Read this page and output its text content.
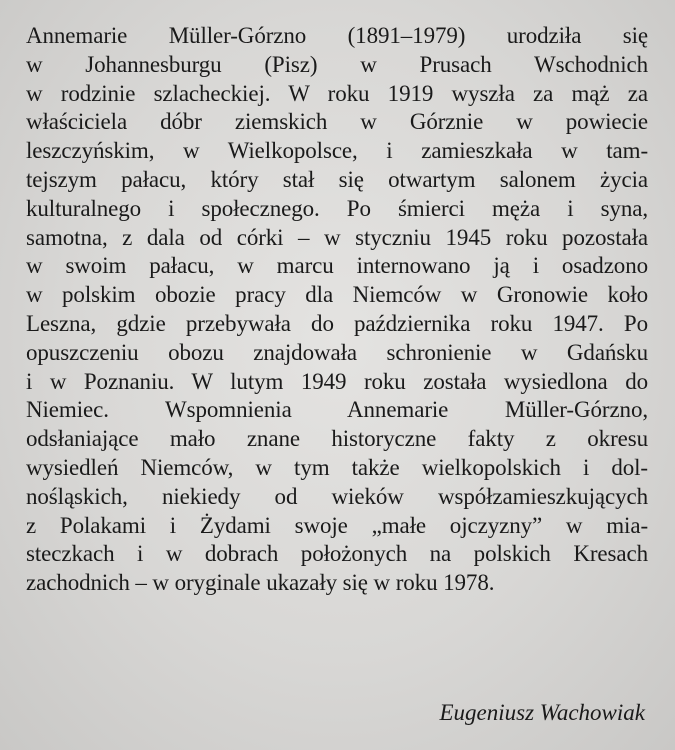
Annemarie Müller-Górzno (1891–1979) urodziła się
w Johannesburgu (Pisz) w Prusach Wschodnich
w rodzinie szlacheckiej. W roku 1919 wyszła za mąż za
właściciela dóbr ziemskich w Górznie w powiecie
leszczyńskim, w Wielkopolsce, i zamieszkała w tam-
tejszym pałacu, który stał się otwartym salonem życia
kulturalnego i społecznego. Po śmierci męża i syna,
samotna, z dala od córki – w styczniu 1945 roku pozostała
w swoim pałacu, w marcu internowano ją i osadzono
w polskim obozie pracy dla Niemców w Gronowie koło
Leszna, gdzie przebywała do października roku 1947. Po
opuszczeniu obozu znajdowała schronienie w Gdańsku
i w Poznaniu. W lutym 1949 roku została wysiedlona do
Niemiec. Wspomnienia Annemarie Müller-Górzno,
odsłaniające mało znane historyczne fakty z okresu
wysiedleń Niemców, w tym także wielkopolskich i dol-
nośląskich, niekiedy od wieków współzamieszkujących
z Polakami i Żydami swoje „małe ojczyzny” w mia-
steczkach i w dobrach położonych na polskich Kresach
zachodnich – w oryginale ukazały się w roku 1978.
Eugeniusz Wachowiak
